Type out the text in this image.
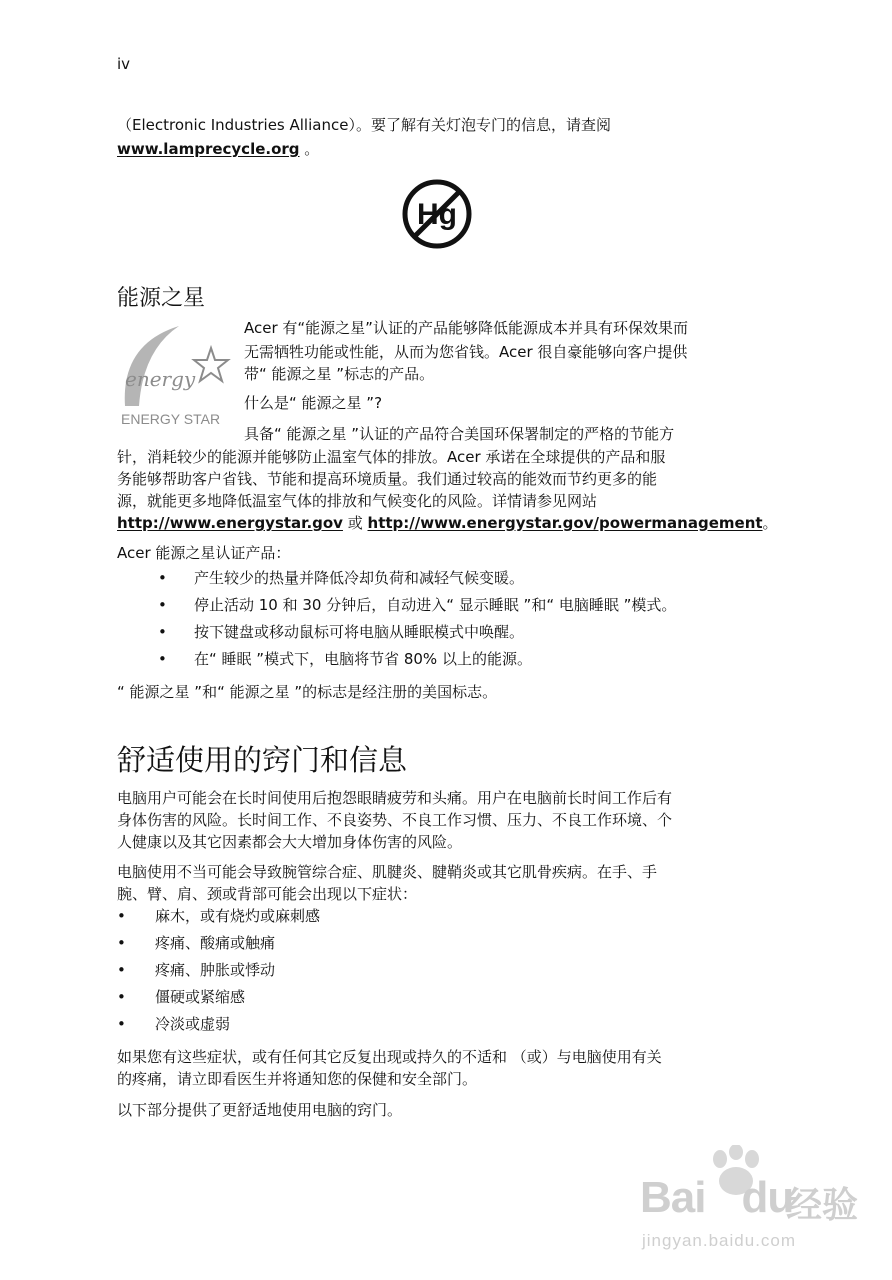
iv
（Electronic Industries Alliance）。要了解有关灯泡专门的信息，请查阅
www.lamprecycle.org 。
Hg
能源之星
energy
ENERGY STAR
Acer 有“能源之星”认证的产品能够降低能源成本并具有环保效果而
无需牺牲功能或性能，从而为您省钱。Acer 很自豪能够向客户提供
带“ 能源之星 ”标志的产品。
什么是“ 能源之星 ”?
具备“ 能源之星 ”认证的产品符合美国环保署制定的严格的节能方
针，消耗较少的能源并能够防止温室气体的排放。Acer 承诺在全球提供的产品和服
务能够帮助客户省钱、节能和提高环境质量。我们通过较高的能效而节约更多的能
源，就能更多地降低温室气体的排放和气候变化的风险。详情请参见网站
http://www.energystar.gov 或 http://www.energystar.gov/powermanagement。
Acer 能源之星认证产品：
• 产生较少的热量并降低冷却负荷和减轻气候变暖。
• 停止活动 10 和 30 分钟后，自动进入“ 显示睡眠 ”和“ 电脑睡眠 ”模式。
• 按下键盘或移动鼠标可将电脑从睡眠模式中唤醒。
• 在“ 睡眠 ”模式下，电脑将节省 80% 以上的能源。
“ 能源之星 ”和“ 能源之星 ”的标志是经注册的美国标志。
舒适使用的窍门和信息
电脑用户可能会在长时间使用后抱怨眼睛疲劳和头痛。用户在电脑前长时间工作后有
身体伤害的风险。长时间工作、不良姿势、不良工作习惯、压力、不良工作环境、个
人健康以及其它因素都会大大增加身体伤害的风险。
电脑使用不当可能会导致腕管综合症、肌腱炎、腱鞘炎或其它肌骨疾病。在手、手
腕、臂、肩、颈或背部可能会出现以下症状：
• 麻木，或有烧灼或麻刺感
• 疼痛、酸痛或触痛
• 疼痛、肿胀或悸动
• 僵硬或紧缩感
• 冷淡或虚弱
如果您有这些症状，或有任何其它反复出现或持久的不适和 （或）与电脑使用有关
的疼痛，请立即看医生并将通知您的保健和安全部门。
以下部分提供了更舒适地使用电脑的窍门。
Bai du
经验
jingyan.baidu.com
